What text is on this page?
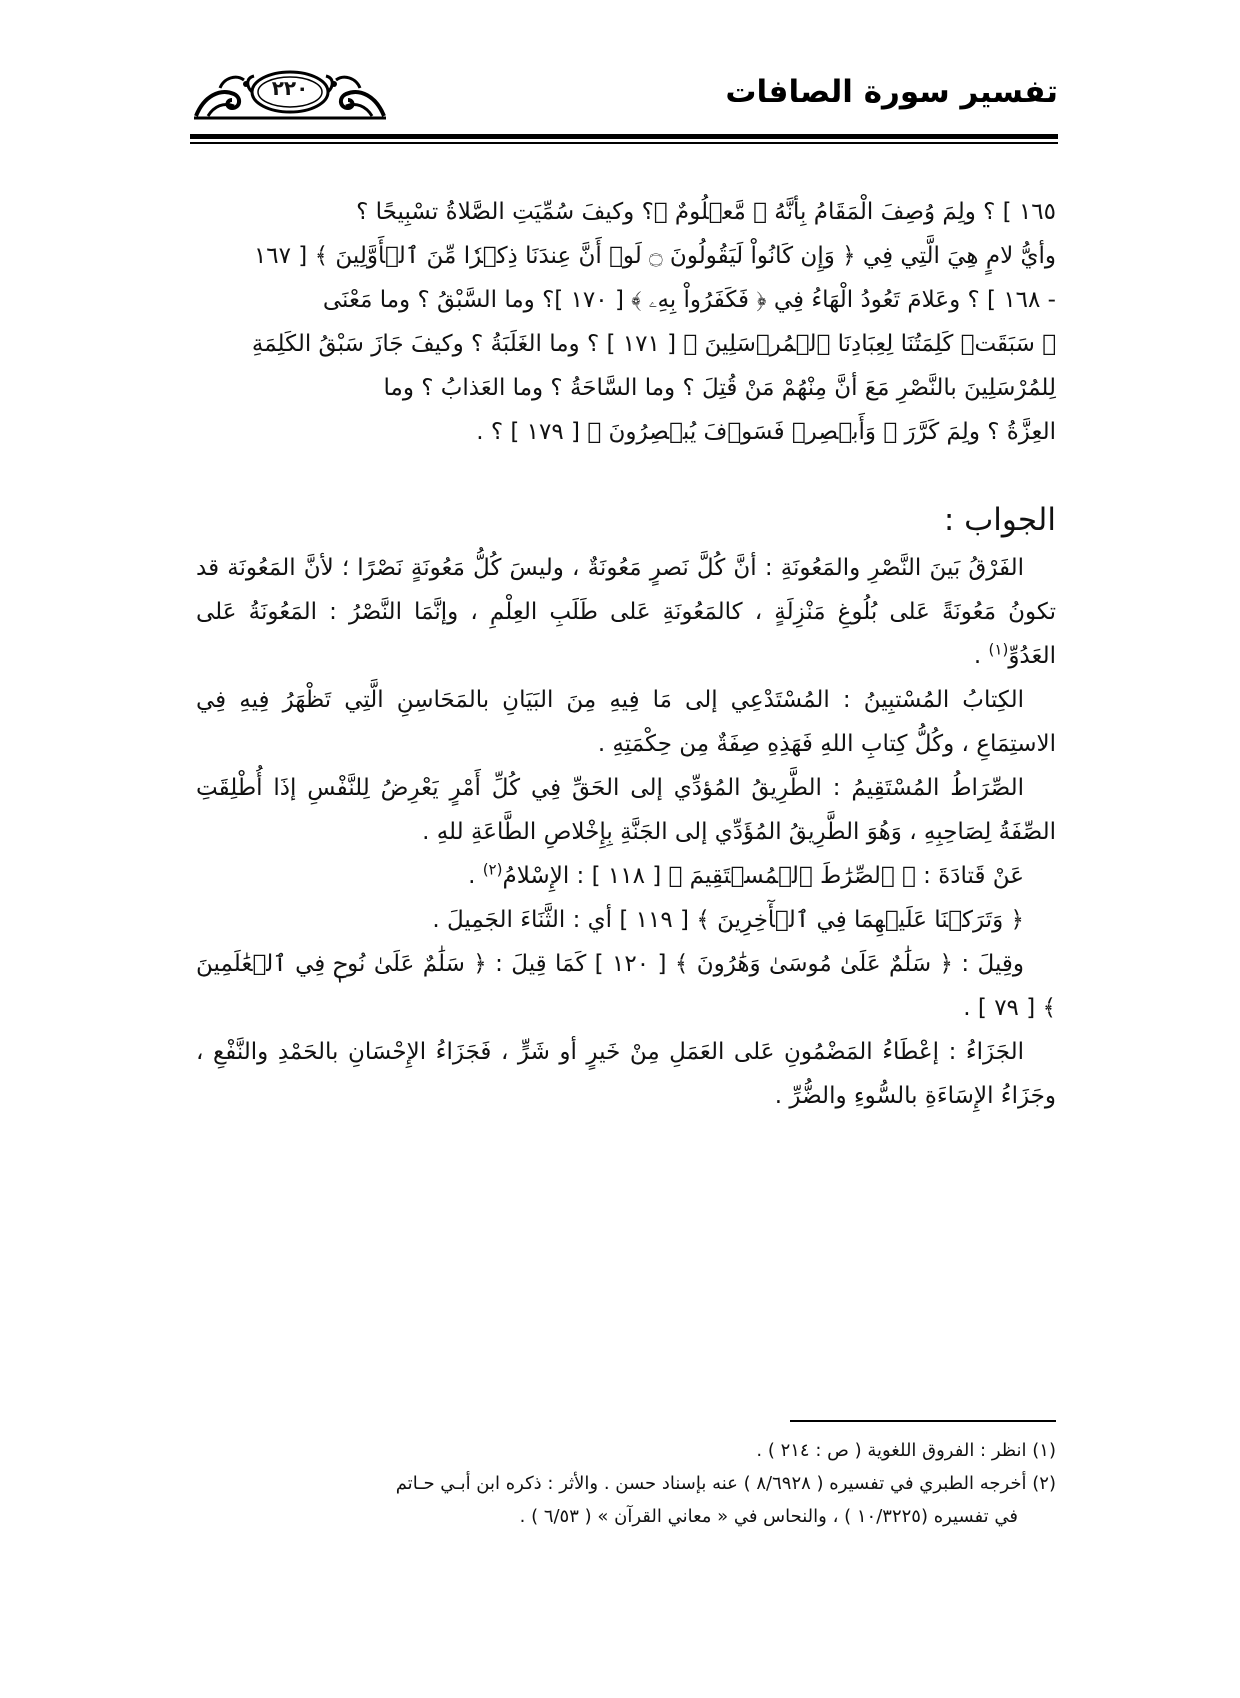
تفسير سورة الصافات
٢٢٠

١٦٥ ] ؟ ولِمَ وُصِفَ الْمَقَامُ بِأنَّهُ ﴿ مَّعۡلُومٌ ﴾؟ وكيفَ سُمِّيَتِ الصَّلاةُ تسْبِيحًا ؟

وأيُّ لامٍ هِيَ الَّتِي فِي ﴿ وَإِن كَانُواْ لَيَقُولُونَ ۝ لَوۡ أَنَّ عِندَنَا ذِكۡرٗا مِّنَ ٱلۡأَوَّلِينَ ﴾ [ ١٦٧

- ١٦٨ ] ؟ وعَلامَ تَعُودُ الْهَاءُ فِي ﴿ فَكَفَرُواْ بِهِۦ ﴾ [ ١٧٠ ]؟ وما السَّبْقُ ؟ وما مَعْنَى

﴿ سَبَقَتۡ كَلِمَتُنَا لِعِبَادِنَا ٱلۡمُرۡسَلِينَ ﴾ [ ١٧١ ] ؟ وما الغَلَبَةُ ؟ وكيفَ جَازَ سَبْقُ الكَلِمَةِ

لِلمُرْسَلِينَ بالنَّصْرِ مَعَ أنَّ مِنْهُمْ مَنْ قُتِلَ ؟ وما السَّاحَةُ ؟ وما العَذابُ ؟ وما

العِزَّةُ ؟ ولِمَ كَرَّرَ ﴿ وَأَبۡصِرۡ فَسَوۡفَ يُبۡصِرُونَ ﴾ [ ١٧٩ ] ؟ .

الجواب :

الفَرْقُ بَينَ النَّصْرِ والمَعُونَةِ : أنَّ كُلَّ نَصرٍ مَعُونَةٌ ، وليسَ كُلُّ مَعُونَةٍ نَصْرًا ؛ لأنَّ المَعُونَة قد تكونُ مَعُونَةً عَلى بُلُوغِ مَنْزِلَةٍ ، كالمَعُونَةِ عَلى طَلَبِ العِلْمِ ، وإنَّمَا النَّصْرُ : المَعُونَةُ عَلى العَدُوِّ$^{(١)}$ .

الكِتابُ المُسْتبِينُ : المُسْتَدْعِي إلى مَا فِيهِ مِنَ البَيَانِ بالمَحَاسِنِ الَّتِي تَظْهَرُ فِيهِ فِي الاستِمَاعِ ، وكُلُّ كِتابِ اللهِ فَهَذِهِ صِفَةٌ مِن حِكْمَتِهِ .

الصِّرَاطُ المُسْتَقِيمُ : الطَّرِيقُ المُؤدِّي إلى الحَقِّ فِي كُلِّ أَمْرٍ يَعْرِضُ لِلنَّفْسِ إذَا أُطْلِقَتِ الصِّفَةُ لِصَاحِبِهِ ، وَهُوَ الطَّرِيقُ المُؤَدِّي إلى الجَنَّةِ بِإِخْلاصِ الطَّاعَةِ للهِ .

عَنْ قَتادَةَ : ﴿ ٱلصِّرَٰطَ ٱلۡمُسۡتَقِيمَ ﴾ [ ١١٨ ] : الإِسْلامُ$^{(٢)}$ .

﴿ وَتَرَكۡنَا عَلَيۡهِمَا فِي ٱلۡأٓخِرِينَ ﴾ [ ١١٩ ] أي : الثَّنَاءَ الجَمِيلَ .

وقِيلَ : ﴿ سَلَٰمٌ عَلَىٰ مُوسَىٰ وَهَٰرُونَ ﴾ [ ١٢٠ ] كَمَا قِيلَ : ﴿ سَلَٰمٌ عَلَىٰ نُوحٖ فِي ٱلۡعَٰلَمِينَ ﴾ [ ٧٩ ] .

الجَزَاءُ : إعْطَاءُ المَضْمُونِ عَلى العَمَلِ مِنْ خَيرٍ أو شَرٍّ ، فَجَزَاءُ الإِحْسَانِ بالحَمْدِ والنَّفْعِ ، وجَزَاءُ الإِسَاءَةِ بالسُّوءِ والضُّرِّ .

(١) انظر : الفروق اللغوية ( ص : ٢١٤ ) .
(٢) أخرجه الطبري في تفسيره ( ٨/٦٩٢٨ ) عنه بإسناد حسن . والأثر : ذكره ابن أبـي حـاتم
في تفسيره (١٠/٣٢٢٥ ) ، والنحاس في « معاني القرآن » ( ٦/٥٣ ) .
